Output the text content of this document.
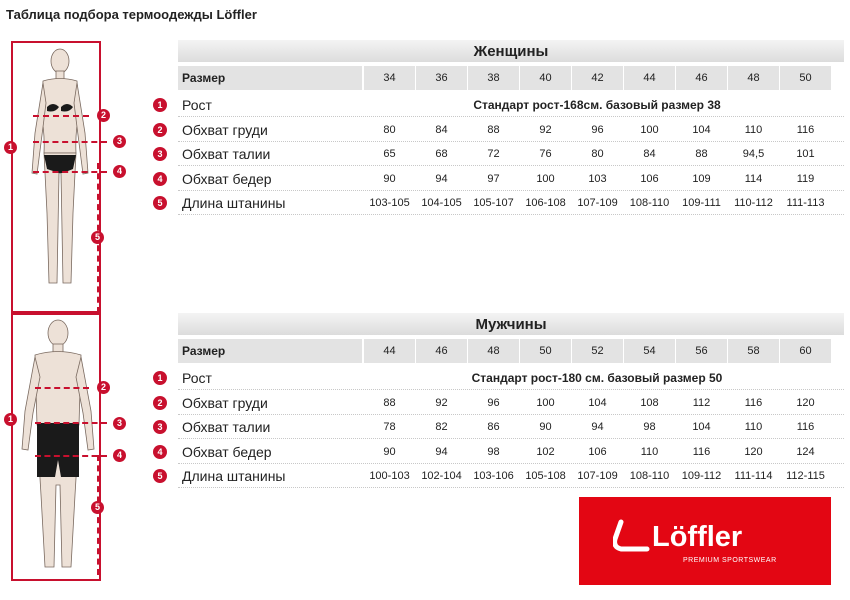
Таблица подбора термоодежды Löffler
1
2
3
4
5
1
2
3
4
5
Женщины
Размер	34	36	38	40	42	44	46	48	50
1	Рост	Стандарт рост-168см. базовый размер 38
2	Обхват груди	80	84	88	92	96	100	104	110	116
3	Обхват талии	65	68	72	76	80	84	88	94,5	101
4	Обхват бедер	90	94	97	100	103	106	109	114	119
5	Длина штанины	103-105	104-105	105-107	106-108	107-109	108-110	109-111	110-112	111-113
Мужчины
Размер	44	46	48	50	52	54	56	58	60
1	Рост	Стандарт рост-180 см. базовый размер 50
2	Обхват груди	88	92	96	100	104	108	112	116	120
3	Обхват талии	78	82	86	90	94	98	104	110	116
4	Обхват бедер	90	94	98	102	106	110	116	120	124
5	Длина штанины	100-103	102-104	103-106	105-108	107-109	108-110	109-112	111-114	112-115
Löffler
PREMIUM SPORTSWEAR
